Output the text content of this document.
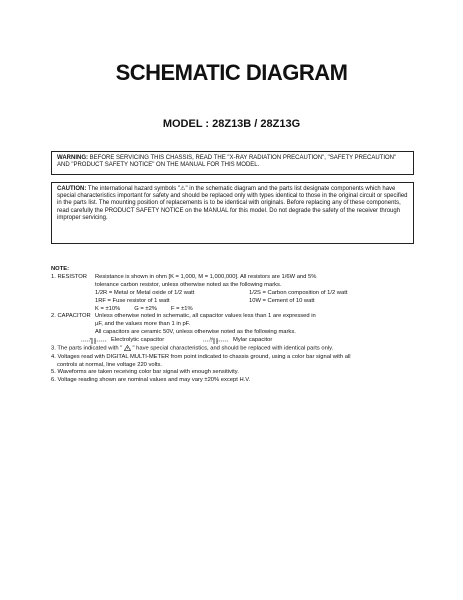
SCHEMATIC DIAGRAM
MODEL : 28Z13B / 28Z13G
WARNING: BEFORE SERVICING THIS CHASSIS, READ THE "X-RAY RADIATION PRECAUTION", "SAFETY PRECAUTION" AND "PRODUCT SAFETY NOTICE" ON THE MANUAL FOR THIS MODEL.
CAUTION: The international hazard symbols "⚠" in the schematic diagram and the parts list designate components which have special characteristics important for safety and should be replaced only with types identical to those in the original circuit or specified in the parts list. The mounting position of replacements is to be identical with originals. Before replacing any of these components, read carefully the PRODUCT SAFETY NOTICE on the MANUAL for this model. Do not degrade the safety of the receiver through improper servicing.
NOTE:
1. RESISTOR	Resistance is shown in ohm [K = 1,000, M = 1,000,000]. All resistors are 1/6W and 5%
tolerance carbon resistor, unless otherwise noted as the following marks.
1/2R = Metal or Metal oxide of 1/2 watt	1/2S = Carbon composition of 1/2 watt
1RF = Fuse resistor of 1 watt	10W = Cement of 10 watt
K = ±10% G = ±2% F = ±1%
2. CAPACITOR Unless otherwise noted in schematic, all capacitor values less than 1 are expressed in
µF, and the values more than 1 in pF.
All capacitors are ceramic 50V, unless otherwise noted as the following marks.
+	Electrolytic capacitor	M	Mylar capacitor
3. The parts indicated with "  " have special characteristics, and should be replaced with identical parts only.
4. Voltages read with DIGITAL MULTI-METER from point indicated to chassis ground, using a color bar signal with all
controls at normal, line voltage 220 volts.
5. Waveforms are taken receiving color bar signal with enough sensitivity.
6. Voltage reading shown are nominal values and may vary ±20% except H.V.
